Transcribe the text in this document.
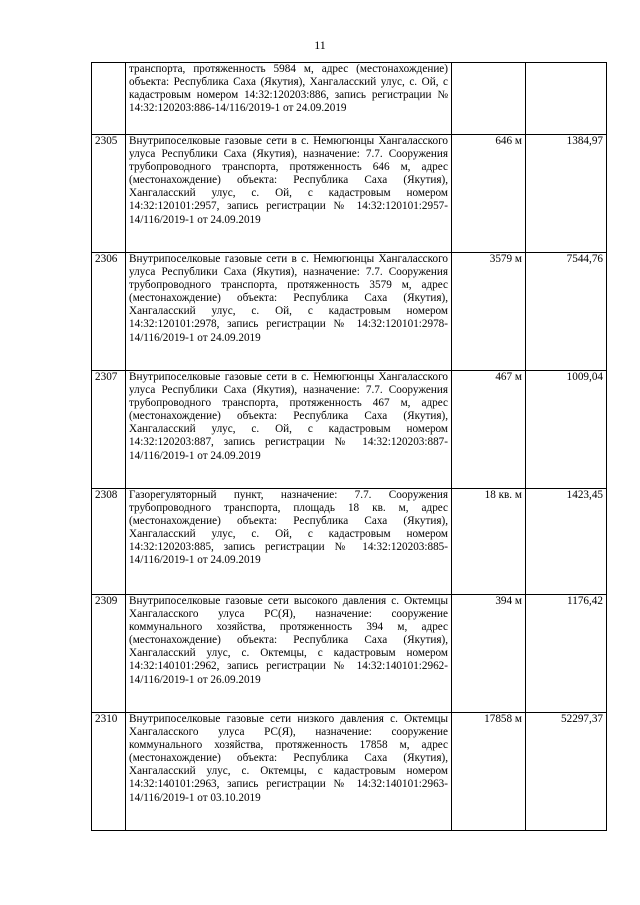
11
	транспорта, протяженность 5984 м, адрес (местонахождение) объекта: Республика Саха (Якутия), Хангаласский улус, с. Ой, с кадастровым номером 14:32:120203:886, запись регистрации № 14:32:120203:886-14/116/2019-1 от 24.09.2019		
2305	Внутрипоселковые газовые сети в с. Немюгюнцы Хангаласского улуса Республики Саха (Якутия), назначение: 7.7. Сооружения трубопроводного транспорта, протяженность 646 м, адрес (местонахождение) объекта: Республика Саха (Якутия), Хангаласский улус, с. Ой, с кадастровым номером 14:32:120101:2957, запись регистрации № 14:32:120101:2957-14/116/2019-1 от 24.09.2019	646 м	1384,97
2306	Внутрипоселковые газовые сети в с. Немюгюнцы Хангаласского улуса Республики Саха (Якутия), назначение: 7.7. Сооружения трубопроводного транспорта, протяженность 3579 м, адрес (местонахождение) объекта: Республика Саха (Якутия), Хангаласский улус, с. Ой, с кадастровым номером 14:32:120101:2978, запись регистрации № 14:32:120101:2978-14/116/2019-1 от 24.09.2019	3579 м	7544,76
2307	Внутрипоселковые газовые сети в с. Немюгюнцы Хангаласского улуса Республики Саха (Якутия), назначение: 7.7. Сооружения трубопроводного транспорта, протяженность 467 м, адрес (местонахождение) объекта: Республика Саха (Якутия), Хангаласский улус, с. Ой, с кадастровым номером 14:32:120203:887, запись регистрации № 14:32:120203:887-14/116/2019-1 от 24.09.2019	467 м	1009,04
2308	Газорегуляторный пункт, назначение: 7.7. Сооружения трубопроводного транспорта, площадь 18 кв. м, адрес (местонахождение) объекта: Республика Саха (Якутия), Хангаласский улус, с. Ой, с кадастровым номером 14:32:120203:885, запись регистрации № 14:32:120203:885-14/116/2019-1 от 24.09.2019	18 кв. м	1423,45
2309	Внутрипоселковые газовые сети высокого давления с. Октемцы Хангаласского улуса РС(Я), назначение: сооружение коммунального хозяйства, протяженность 394 м, адрес (местонахождение) объекта: Республика Саха (Якутия), Хангаласский улус, с. Октемцы, с кадастровым номером 14:32:140101:2962, запись регистрации № 14:32:140101:2962-14/116/2019-1 от 26.09.2019	394 м	1176,42
2310	Внутрипоселковые газовые сети низкого давления с. Октемцы Хангаласского улуса РС(Я), назначение: сооружение коммунального хозяйства, протяженность 17858 м, адрес (местонахождение) объекта: Республика Саха (Якутия), Хангаласский улус, с. Октемцы, с кадастровым номером 14:32:140101:2963, запись регистрации № 14:32:140101:2963-14/116/2019-1 от 03.10.2019	17858 м	52297,37
